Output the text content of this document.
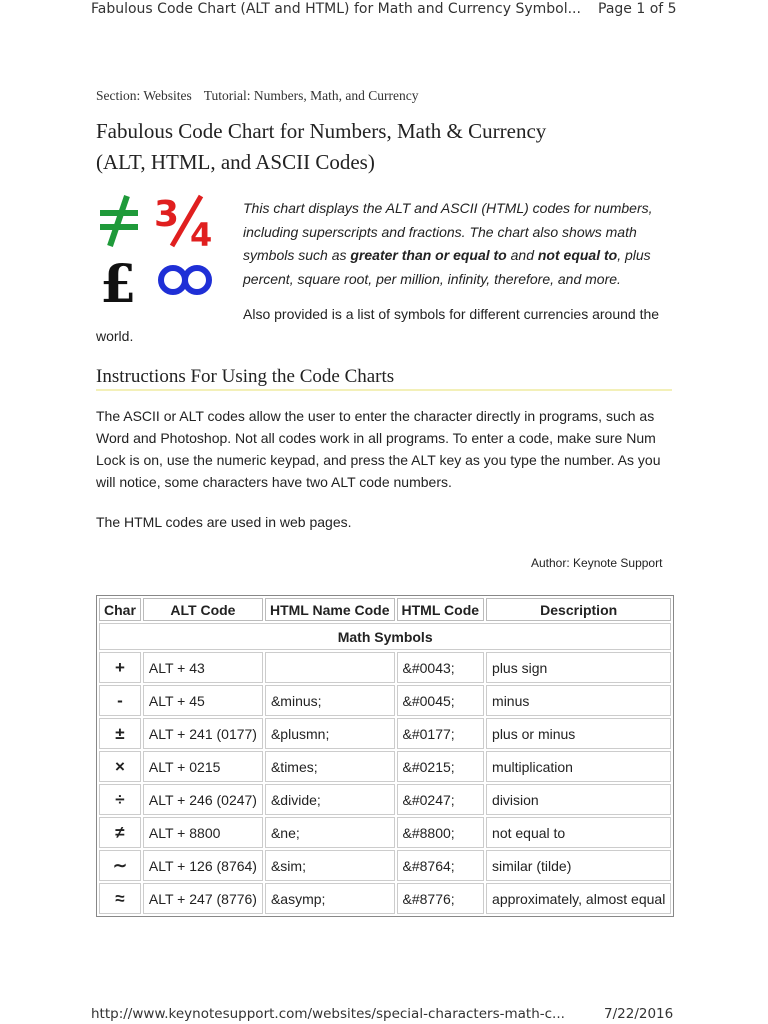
Fabulous Code Chart (ALT and HTML) for Math and Currency Symbol... Page 1 of 5
Section: Websites Tutorial: Numbers, Math, and Currency
Fabulous Code Chart for Numbers, Math & Currency
(ALT, HTML, and ASCII Codes)
3 4
£
This chart displays the ALT and ASCII (HTML) codes for numbers,
including superscripts and fractions. The chart also shows math
symbols such as greater than or equal to and not equal to, plus
percent, square root, per million, infinity, therefore, and more.
Also provided is a list of symbols for different currencies around the
world.
Instructions For Using the Code Charts
The ASCII or ALT codes allow the user to enter the character directly in programs, such as
Word and Photoshop. Not all codes work in all programs. To enter a code, make sure Num
Lock is on, use the numeric keypad, and press the ALT key as you type the number. As you
will notice, some characters have two ALT code numbers.
The HTML codes are used in web pages.
Author: Keynote Support
Char	ALT Code	HTML Name Code	HTML Code	Description
Math Symbols				
+	ALT + 43		&#0043;	plus sign
-	ALT + 45	&minus;	&#0045;	minus
±	ALT + 241 (0177)	&plusmn;	&#0177;	plus or minus
×	ALT + 0215	&times;	&#0215;	multiplication
÷	ALT + 246 (0247)	&divide;	&#0247;	division
≠	ALT + 8800	&ne;	&#8800;	not equal to
∼	ALT + 126 (8764)	&sim;	&#8764;	similar (tilde)
≈	ALT + 247 (8776)	&asymp;	&#8776;	approximately, almost equal
http://www.keynotesupport.com/websites/special-characters-math-c...	7/22/2016
